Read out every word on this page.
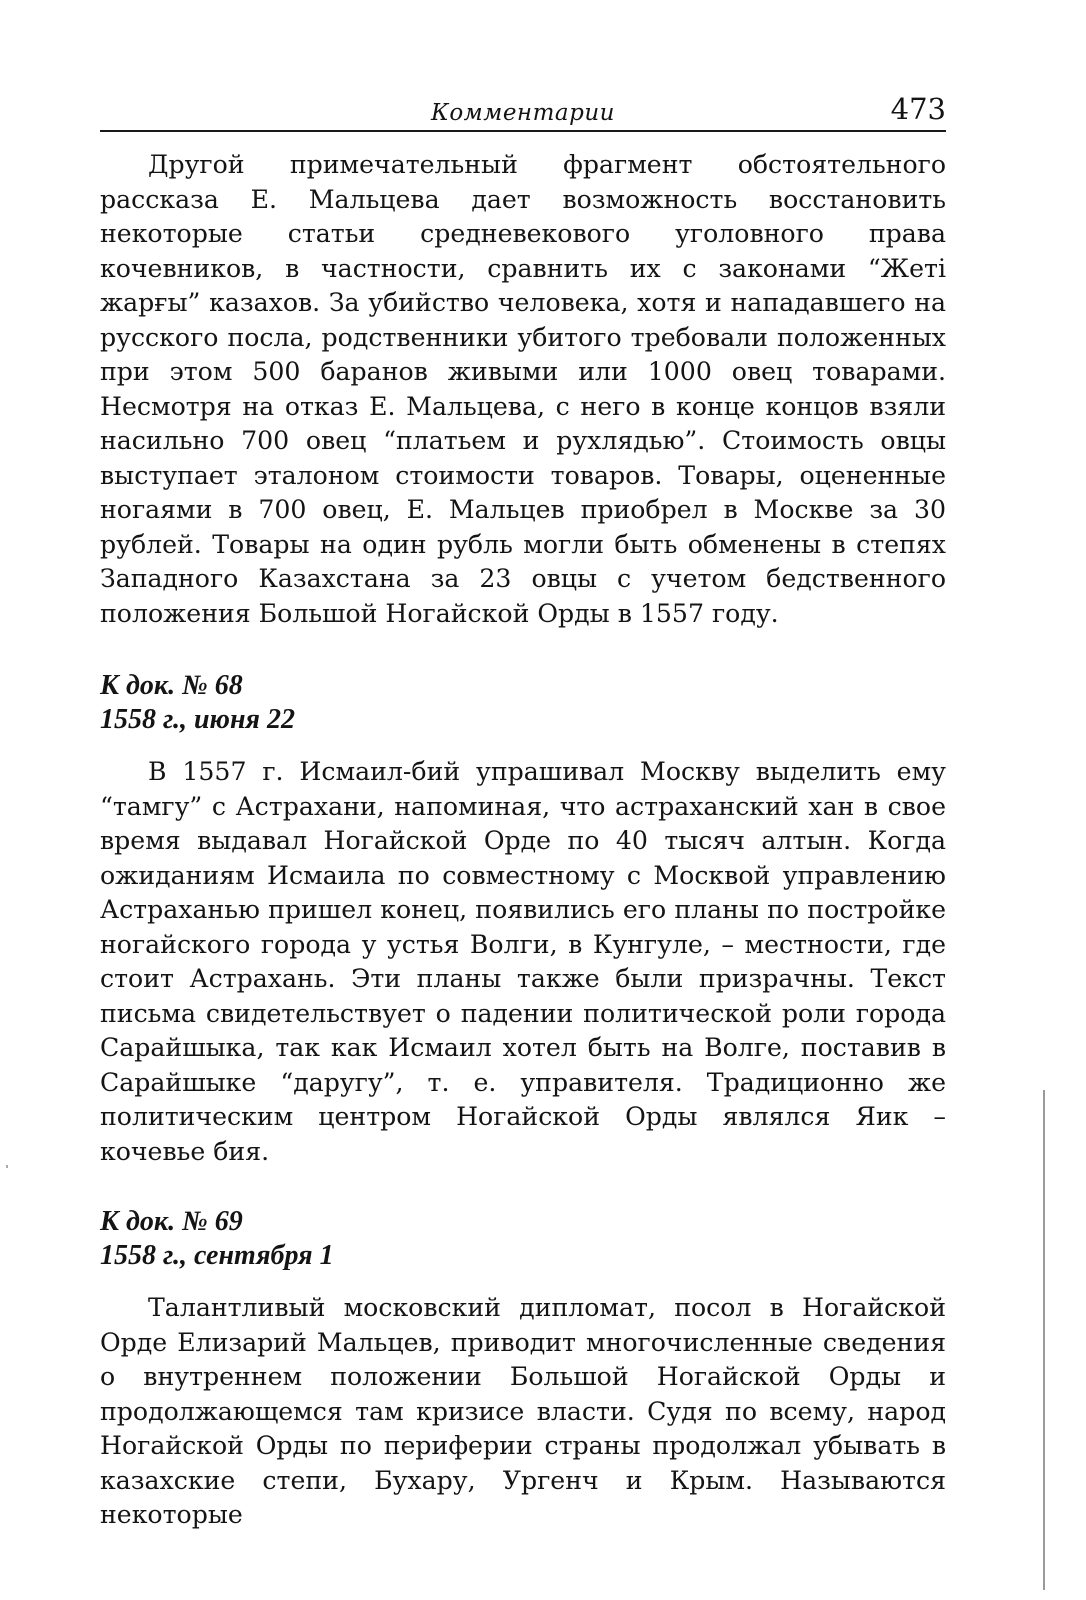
Комментарии	473

Другой примечательный фрагмент обстоятельного рассказа Е. Мальцева дает возможность восстановить некоторые статьи средневекового уголовного права кочевников, в частности, сравнить их с законами “Жетi жарғы” казахов. За убийство человека, хотя и нападавшего на русского посла, родственники убитого требовали положенных при этом 500 баранов живыми или 1000 овец товарами. Несмотря на отказ Е. Мальцева, с него в конце концов взяли насильно 700 овец “платьем и рухлядью”. Стоимость овцы выступает эталоном стоимости товаров. Товары, оцененные ногаями в 700 овец, Е. Мальцев приобрел в Москве за 30 рублей. Товары на один рубль могли быть обменены в степях Западного Казахстана за 23 овцы с учетом бедственного положения Большой Ногайской Орды в 1557 году.

К док. № 68
1558 г., июня 22

В 1557 г. Исмаил-бий упрашивал Москву выделить ему “тамгу” с Астрахани, напоминая, что астраханский хан в свое время выдавал Ногайской Орде по 40 тысяч алтын. Когда ожиданиям Исмаила по совместному с Москвой управлению Астраханью пришел конец, появились его планы по постройке ногайского города у устья Волги, в Кунгуле, – местности, где стоит Астрахань. Эти планы также были призрачны. Текст письма свидетельствует о падении политической роли города Сарайшыка, так как Исмаил хотел быть на Волге, поставив в Сарайшыке “даругу”, т. е. управителя. Традиционно же политическим центром Ногайской Орды являлся Яик – кочевье бия.

К док. № 69
1558 г., сентября 1

Талантливый московский дипломат, посол в Ногайской Орде Елизарий Мальцев, приводит многочисленные сведения о внутреннем положении Большой Ногайской Орды и продолжающемся там кризисе власти. Судя по всему, народ Ногайской Орды по периферии страны продолжал убывать в казахские степи, Бухару, Ургенч и Крым. Называются некоторые
